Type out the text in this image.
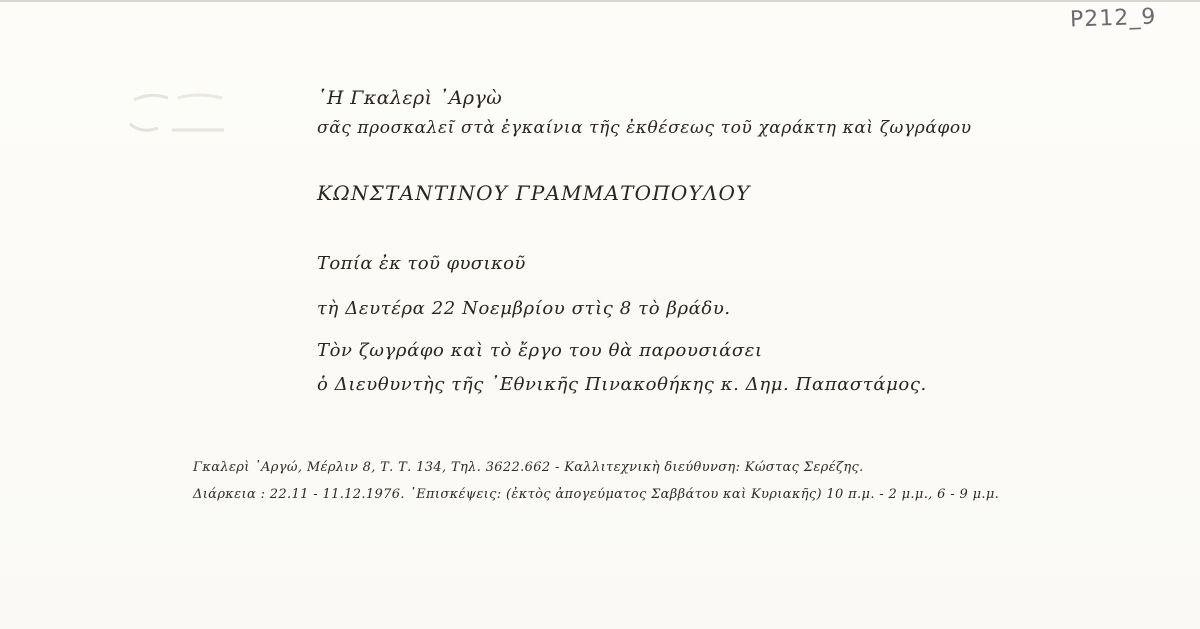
P212_9
῾Η Γκαλερὶ ᾿Αργὼ
σᾶς προσκαλεῖ στὰ ἐγκαίνια τῆς ἐκθέσεως τοῦ χαράκτη καὶ ζωγράφου
ΚΩΝΣΤΑΝΤΙΝΟΥ ΓΡΑΜΜΑΤΟΠΟΥΛΟΥ
Τοπία ἐκ τοῦ φυσικοῦ
τὴ Δευτέρα 22 Νοεμβρίου στὶς 8 τὸ βράδυ.
Τὸν ζωγράφο καὶ τὸ ἔργο του θὰ παρουσιάσει
ὁ Διευθυντὴς τῆς ᾿Εθνικῆς Πινακοθήκης κ. Δημ. Παπαστάμος.
Γκαλερὶ ᾿Αργώ, Μέρλιν 8, Τ. Τ. 134, Τηλ. 3622.662 - Καλλιτεχνικὴ διεύθυνση: Κώστας Σερέζης.
Διάρκεια : 22.11 - 11.12.1976. ᾿Επισκέψεις: (ἐκτὸς ἀπογεύματος Σαββάτου καὶ Κυριακῆς) 10 π.μ. - 2 μ.μ., 6 - 9 μ.μ.
